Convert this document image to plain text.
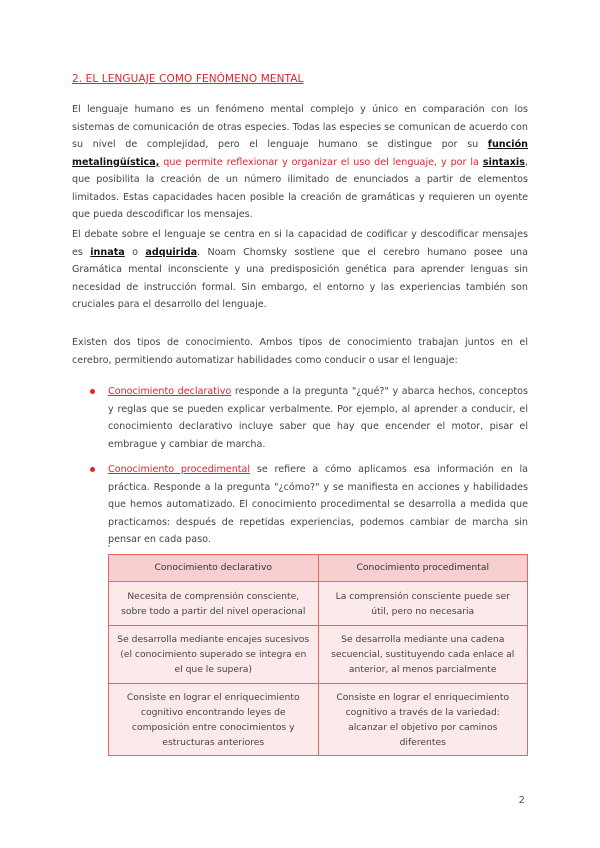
2. EL LENGUAJE COMO FENÓMENO MENTAL

El lenguaje humano es un fenómeno mental complejo y único en comparación con los sistemas de comunicación de otras especies. Todas las especies se comunican de acuerdo con su nivel de complejidad, pero el lenguaje humano se distingue por su función metalingüística, que permite reflexionar y organizar el uso del lenguaje, y por la sintaxis, que posibilita la creación de un número ilimitado de enunciados a partir de elementos limitados. Estas capacidades hacen posible la creación de gramáticas y requieren un oyente que pueda descodificar los mensajes.

El debate sobre el lenguaje se centra en si la capacidad de codificar y descodificar mensajes es innata o adquirida. Noam Chomsky sostiene que el cerebro humano posee una Gramática mental inconsciente y una predisposición genética para aprender lenguas sin necesidad de instrucción formal. Sin embargo, el entorno y las experiencias también son cruciales para el desarrollo del lenguaje.

Existen dos tipos de conocimiento. Ambos tipos de conocimiento trabajan juntos en el cerebro, permitiendo automatizar habilidades como conducir o usar el lenguaje:

Conocimiento declarativo responde a la pregunta "¿qué?" y abarca hechos, conceptos y reglas que se pueden explicar verbalmente. Por ejemplo, al aprender a conducir, el conocimiento declarativo incluye saber que hay que encender el motor, pisar el embrague y cambiar de marcha.
Conocimiento procedimental se refiere a cómo aplicamos esa información en la práctica. Responde a la pregunta "¿cómo?" y se manifiesta en acciones y habilidades que hemos automatizado. El conocimiento procedimental se desarrolla a medida que practicamos: después de repetidas experiencias, podemos cambiar de marcha sin pensar en cada paso.
Conocimiento declarativo	Conocimiento procedimental
Necesita de comprensión consciente, sobre todo a partir del nivel operacional	La comprensión consciente puede ser útil, pero no necesaria
Se desarrolla mediante encajes sucesivos (el conocimiento superado se integra en el que le supera)	Se desarrolla mediante una cadena secuencial, sustituyendo cada enlace al anterior, al menos parcialmente
Consiste en lograr el enriquecimiento cognitivo encontrando leyes de composición entre conocimientos y estructuras anteriores	Consiste en lograr el enriquecimiento cognitivo a través de la variedad: alcanzar el objetivo por caminos diferentes
2
